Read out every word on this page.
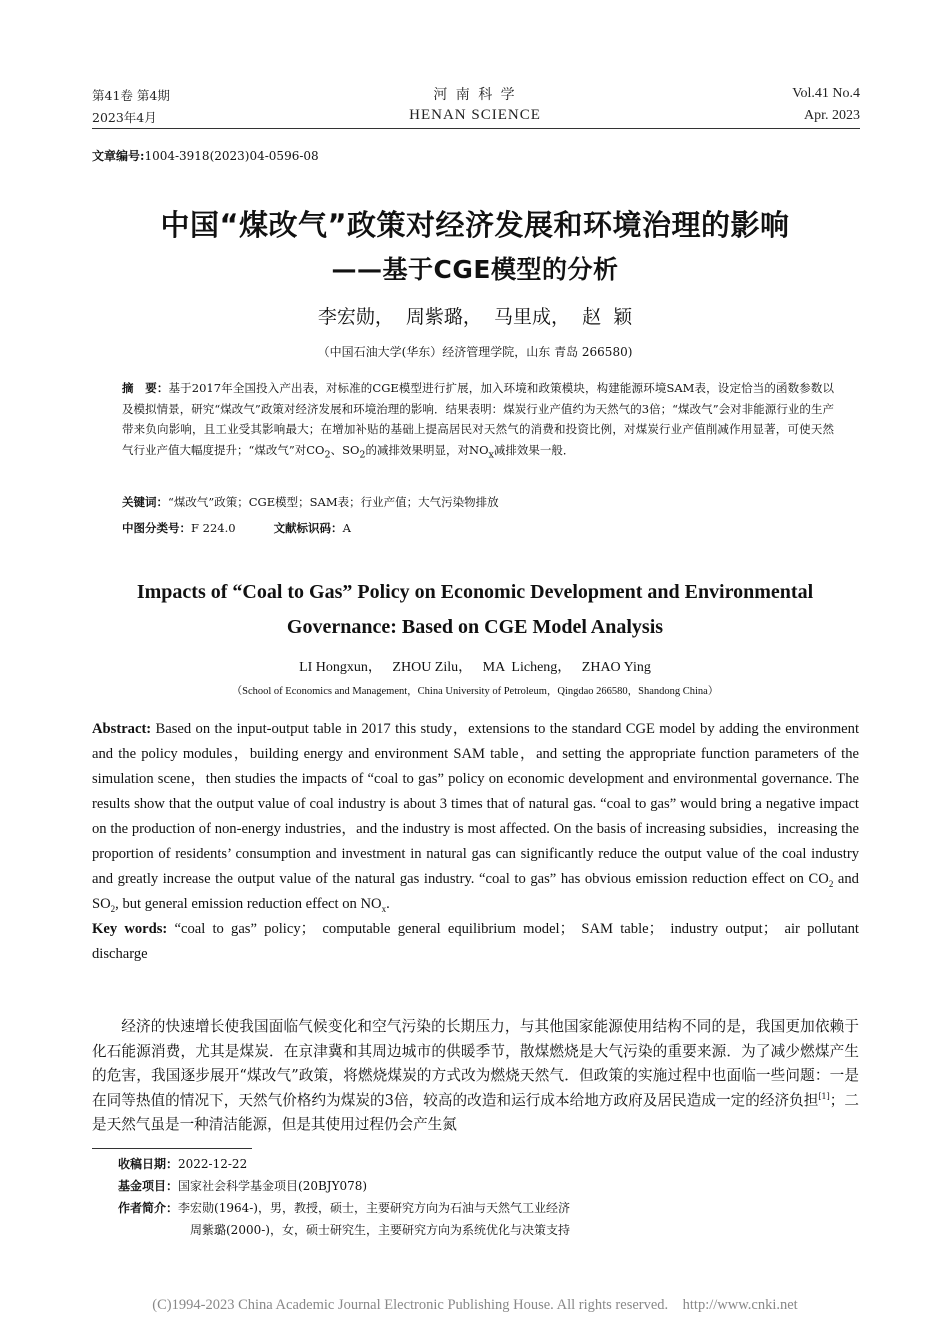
第41卷 第4期
2023年4月
河 南 科 学
HENAN SCIENCE
Vol.41 No.4
Apr. 2023
文章编号:1004-3918(2023)04-0596-08
中国“煤改气”政策对经济发展和环境治理的影响
——基于CGE模型的分析
李宏勋，  周紫璐，  马里成，  赵  颖
（中国石油大学(华东）经济管理学院，山东 青岛 266580)
摘　要：基于2017年全国投入产出表，对标准的CGE模型进行扩展，加入环境和政策模块，构建能源环境SAM表，设定恰当的函数参数以及模拟情景，研究“煤改气”政策对经济发展和环境治理的影响．结果表明：煤炭行业产值约为天然气的3倍；“煤改气”会对非能源行业的生产带来负向影响，且工业受其影响最大；在增加补贴的基础上提高居民对天然气的消费和投资比例，对煤炭行业产值削减作用显著，可使天然气行业产值大幅度提升；“煤改气”对$CO_2$、$SO_2$的减排效果明显，对$NO_x$减排效果一般．
关键词：“煤改气”政策；CGE模型；SAM表；行业产值；大气污染物排放
中图分类号：F 224.0	文献标识码：A
Impacts of “Coal to Gas” Policy on Economic Development and Environmental
Governance: Based on CGE Model Analysis
LI Hongxun，   ZHOU Zilu，   MA  Licheng，   ZHAO Ying
（School of Economics and Management，China University of Petroleum，Qingdao 266580，Shandong China）
Abstract: Based on the input-output table in 2017 this study，extensions to the standard CGE model by adding the environment and the policy modules，building energy and environment SAM table，and setting the appropriate function parameters of the simulation scene，then studies the impacts of “coal to gas” policy on economic development and environmental governance. The results show that the output value of coal industry is about 3 times that of natural gas. “coal to gas” would bring a negative impact on the production of non-energy industries，and the industry is most affected. On the basis of increasing subsidies，increasing the proportion of residents’ consumption and investment in natural gas can significantly reduce the output value of the coal industry and greatly increase the output value of the natural gas industry. “coal to gas” has obvious emission reduction effect on $CO_2$ and $SO_2$, but general emission reduction effect on $NO_x$.
Key words: “coal to gas” policy； computable general equilibrium model； SAM table； industry output； air pollutant discharge
经济的快速增长使我国面临气候变化和空气污染的长期压力，与其他国家能源使用结构不同的是，我国更加依赖于化石能源消费，尤其是煤炭．在京津冀和其周边城市的供暖季节，散煤燃烧是大气污染的重要来源．为了减少燃煤产生的危害，我国逐步展开“煤改气”政策，将燃烧煤炭的方式改为燃烧天然气．但政策的实施过程中也面临一些问题：一是在同等热值的情况下，天然气价格约为煤炭的3倍，较高的改造和运行成本给地方政府及居民造成一定的经济负担[1]；二是天然气虽是一种清洁能源，但是其使用过程仍会产生氮
收稿日期：2022-12-22
基金项目：国家社会科学基金项目(20BJY078)
作者简介：李宏勋(1964-)，男，教授，硕士，主要研究方向为石油与天然气工业经济
周紫璐(2000-)，女，硕士研究生，主要研究方向为系统优化与决策支持
(C)1994-2023 China Academic Journal Electronic Publishing House. All rights reserved.    http://www.cnki.net
